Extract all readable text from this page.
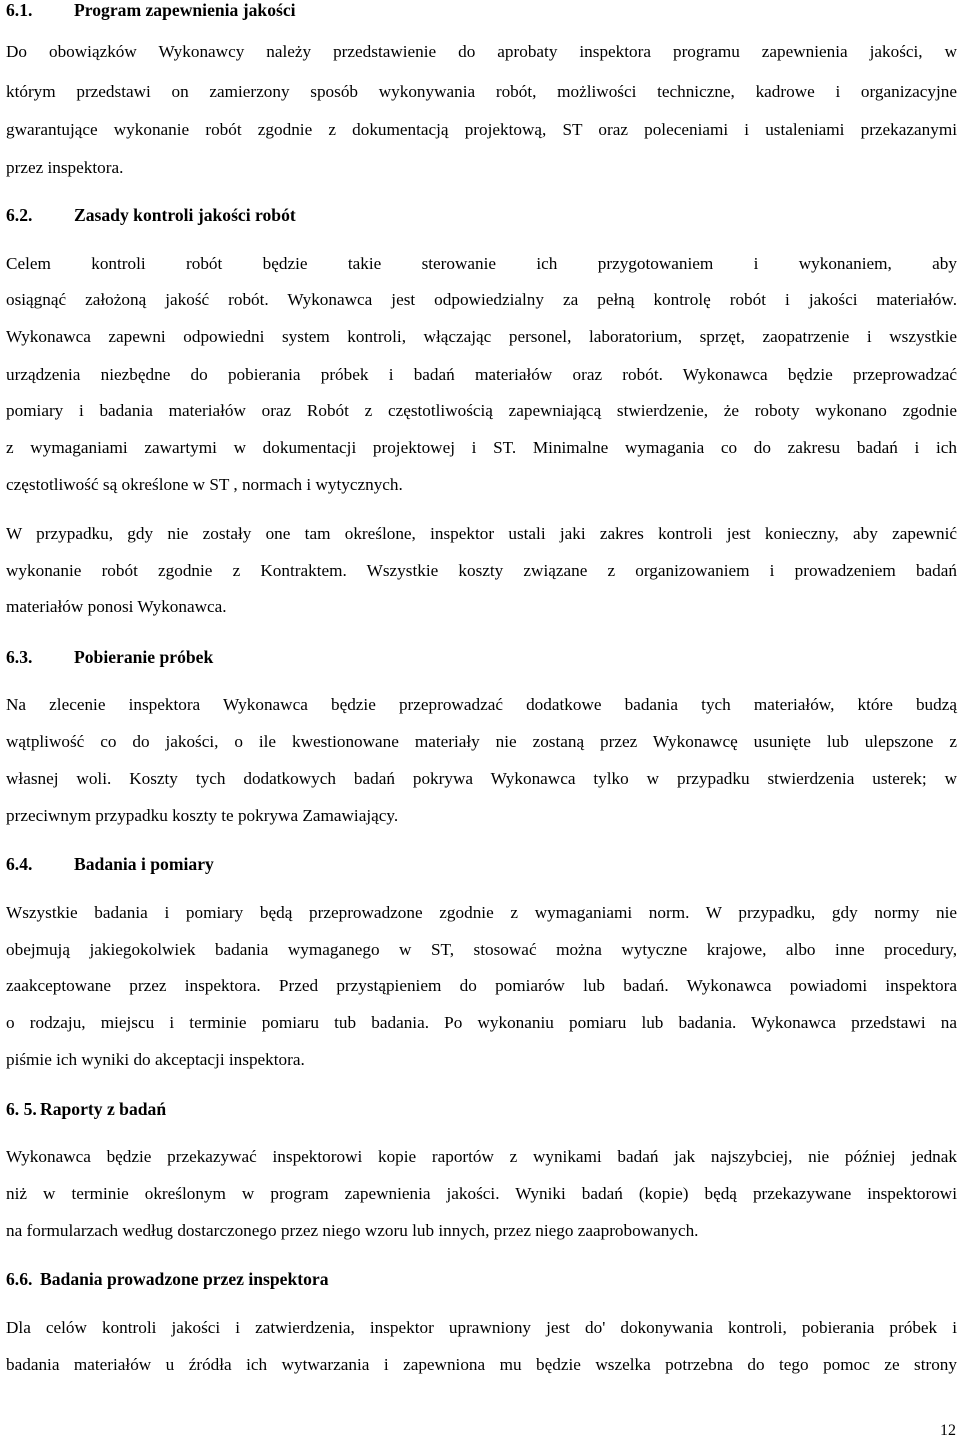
6.1. Program zapewnienia jakości
Do obowiązków Wykonawcy należy przedstawienie do aprobaty inspektora programu zapewnienia jakości, w
którym przedstawi on zamierzony sposób wykonywania robót, możliwości techniczne, kadrowe i organizacyjne
gwarantujące wykonanie robót zgodnie z dokumentacją projektową, ST oraz poleceniami i ustaleniami przekazanymi
przez inspektora.
6.2. Zasady kontroli jakości robót
Celem kontroli robót będzie takie sterowanie ich przygotowaniem i wykonaniem, aby
osiągnąć założoną jakość robót. Wykonawca jest odpowiedzialny za pełną kontrolę robót i jakości materiałów.
Wykonawca zapewni odpowiedni system kontroli, włączając personel, laboratorium, sprzęt, zaopatrzenie i wszystkie
urządzenia niezbędne do pobierania próbek i badań materiałów oraz robót. Wykonawca będzie przeprowadzać
pomiary i badania materiałów oraz Robót z częstotliwością zapewniającą stwierdzenie, że roboty wykonano zgodnie
z wymaganiami zawartymi w dokumentacji projektowej i ST. Minimalne wymagania co do zakresu badań i ich
częstotliwość są określone w ST , normach i wytycznych.
W przypadku, gdy nie zostały one tam określone, inspektor ustali jaki zakres kontroli jest konieczny, aby zapewnić
wykonanie robót zgodnie z Kontraktem. Wszystkie koszty związane z organizowaniem i prowadzeniem badań
materiałów ponosi Wykonawca.
6.3. Pobieranie próbek
Na zlecenie inspektora Wykonawca będzie przeprowadzać dodatkowe badania tych materiałów, które budzą
wątpliwość co do jakości, o ile kwestionowane materiały nie zostaną przez Wykonawcę usunięte lub ulepszone z
własnej woli. Koszty tych dodatkowych badań pokrywa Wykonawca tylko w przypadku stwierdzenia usterek; w
przeciwnym przypadku koszty te pokrywa Zamawiający.
6.4. Badania i pomiary
Wszystkie badania i pomiary będą przeprowadzone zgodnie z wymaganiami norm. W przypadku, gdy normy nie
obejmują jakiegokolwiek badania wymaganego w ST, stosować można wytyczne krajowe, albo inne procedury,
zaakceptowane przez inspektora. Przed przystąpieniem do pomiarów lub badań. Wykonawca powiadomi inspektora
o rodzaju, miejscu i terminie pomiaru tub badania. Po wykonaniu pomiaru lub badania. Wykonawca przedstawi na
piśmie ich wyniki do akceptacji inspektora.
6. 5. Raporty z badań
Wykonawca będzie przekazywać inspektorowi kopie raportów z wynikami badań jak najszybciej, nie później jednak
niż w terminie określonym w program zapewnienia jakości. Wyniki badań (kopie) będą przekazywane inspektorowi
na formularzach według dostarczonego przez niego wzoru lub innych, przez niego zaaprobowanych.
6.6. Badania prowadzone przez inspektora
Dla celów kontroli jakości i zatwierdzenia, inspektor uprawniony jest do' dokonywania kontroli, pobierania próbek i
badania materiałów u źródła ich wytwarzania i zapewniona mu będzie wszelka potrzebna do tego pomoc ze strony
12
